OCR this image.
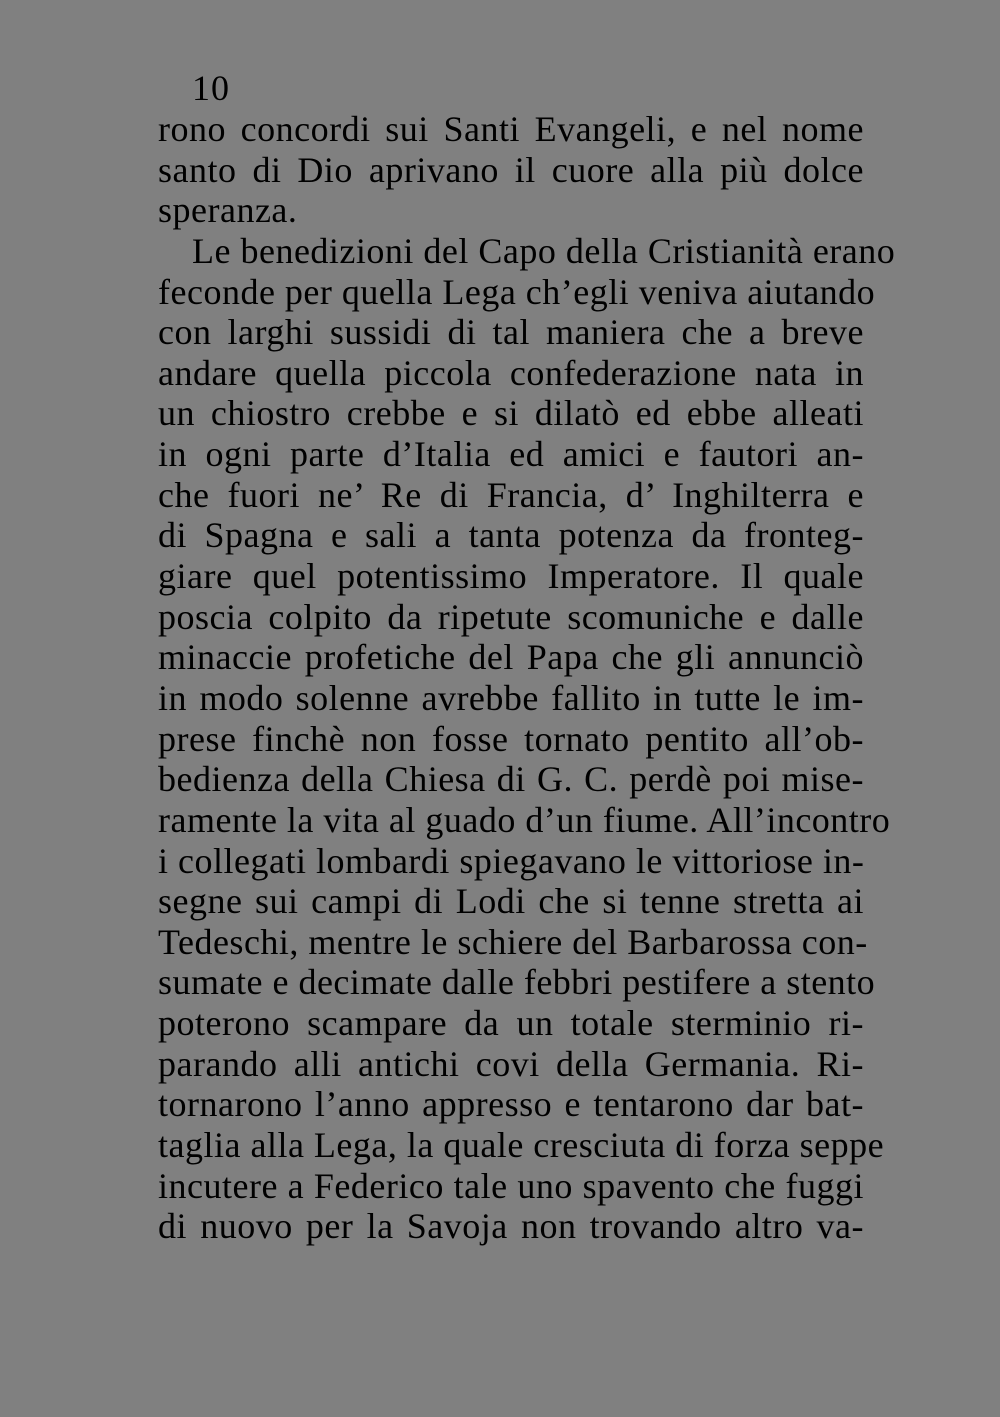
10
rono concordi sui Santi Evangeli, e nel nome
santo di Dio aprivano il cuore alla più dolce
speranza.
Le benedizioni del Capo della Cristianità erano
feconde per quella Lega ch’egli veniva aiutando
con larghi sussidi di tal maniera che a breve
andare quella piccola confederazione nata in
un chiostro crebbe e si dilatò ed ebbe alleati
in ogni parte d’Italia ed amici e fautori an-
che fuori ne’ Re di Francia, d’ Inghilterra e
di Spagna e sali a tanta potenza da fronteg-
giare quel potentissimo Imperatore. Il quale
poscia colpito da ripetute scomuniche e dalle
minaccie profetiche del Papa che gli annunciò
in modo solenne avrebbe fallito in tutte le im-
prese finchè non fosse tornato pentito all’ob-
bedienza della Chiesa di G. C. perdè poi mise-
ramente la vita al guado d’un fiume. All’incontro
i collegati lombardi spiegavano le vittoriose in-
segne sui campi di Lodi che si tenne stretta ai
Tedeschi, mentre le schiere del Barbarossa con-
sumate e decimate dalle febbri pestifere a stento
poterono scampare da un totale sterminio ri-
parando alli antichi covi della Germania. Ri-
tornarono l’anno appresso e tentarono dar bat-
taglia alla Lega, la quale cresciuta di forza seppe
incutere a Federico tale uno spavento che fuggi
di nuovo per la Savoja non trovando altro va-
